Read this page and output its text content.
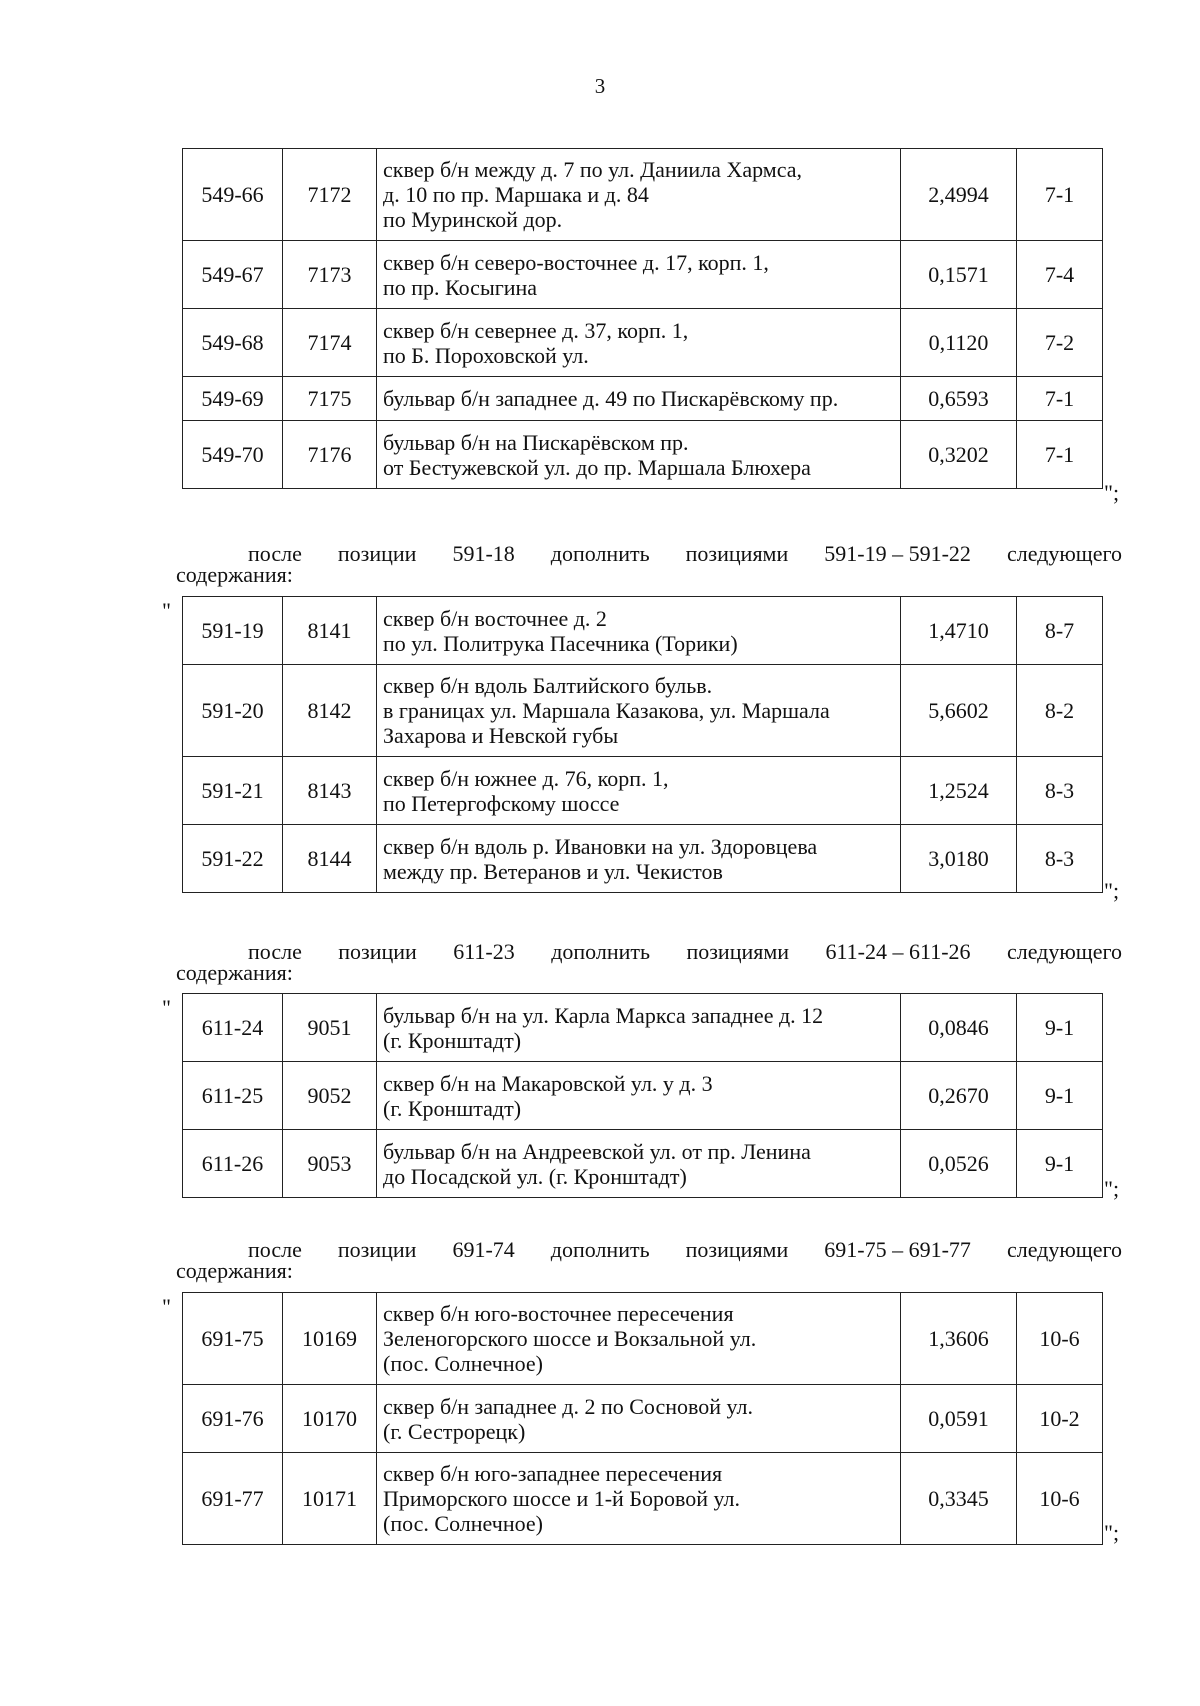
3
549-66	7172	сквер б/н между д. 7 по ул. Даниила Хармса,
д. 10 по пр. Маршака и д. 84
по Муринской дор.	2,4994	7-1
549-67	7173	сквер б/н северо-восточнее д. 17, корп. 1,
по пр. Косыгина	0,1571	7-4
549-68	7174	сквер б/н севернее д. 37, корп. 1,
по Б. Пороховской ул.	0,1120	7-2
549-69	7175	бульвар б/н западнее д. 49 по Пискарёвскому пр.	0,6593	7-1
549-70	7176	бульвар б/н на Пискарёвском пр.
от Бестужевской ул. до пр. Маршала Блюхера	0,3202	7-1
";
после позиции 591-18 дополнить позициями 591-19 – 591-22 следующего
содержания:
"
591-19	8141	сквер б/н восточнее д. 2
по ул. Политрука Пасечника (Торики)	1,4710	8-7
591-20	8142	сквер б/н вдоль Балтийского бульв.
в границах ул. Маршала Казакова, ул. Маршала
Захарова и Невской губы	5,6602	8-2
591-21	8143	сквер б/н южнее д. 76, корп. 1,
по Петергофскому шоссе	1,2524	8-3
591-22	8144	сквер б/н вдоль р. Ивановки на ул. Здоровцева
между пр. Ветеранов и ул. Чекистов	3,0180	8-3
";
после позиции 611-23 дополнить позициями 611-24 – 611-26 следующего
содержания:
"
611-24	9051	бульвар б/н на ул. Карла Маркса западнее д. 12
(г. Кронштадт)	0,0846	9-1
611-25	9052	сквер б/н на Макаровской ул. у д. 3
(г. Кронштадт)	0,2670	9-1
611-26	9053	бульвар б/н на Андреевской ул. от пр. Ленина
до Посадской ул. (г. Кронштадт)	0,0526	9-1
";
после позиции 691-74 дополнить позициями 691-75 – 691-77 следующего
содержания:
"
691-75	10169	сквер б/н юго-восточнее пересечения
Зеленогорского шоссе и Вокзальной ул.
(пос. Солнечное)	1,3606	10-6
691-76	10170	сквер б/н западнее д. 2 по Сосновой ул.
(г. Сестрорецк)	0,0591	10-2
691-77	10171	сквер б/н юго-западнее пересечения
Приморского шоссе и 1-й Боровой ул.
(пос. Солнечное)	0,3345	10-6
";
